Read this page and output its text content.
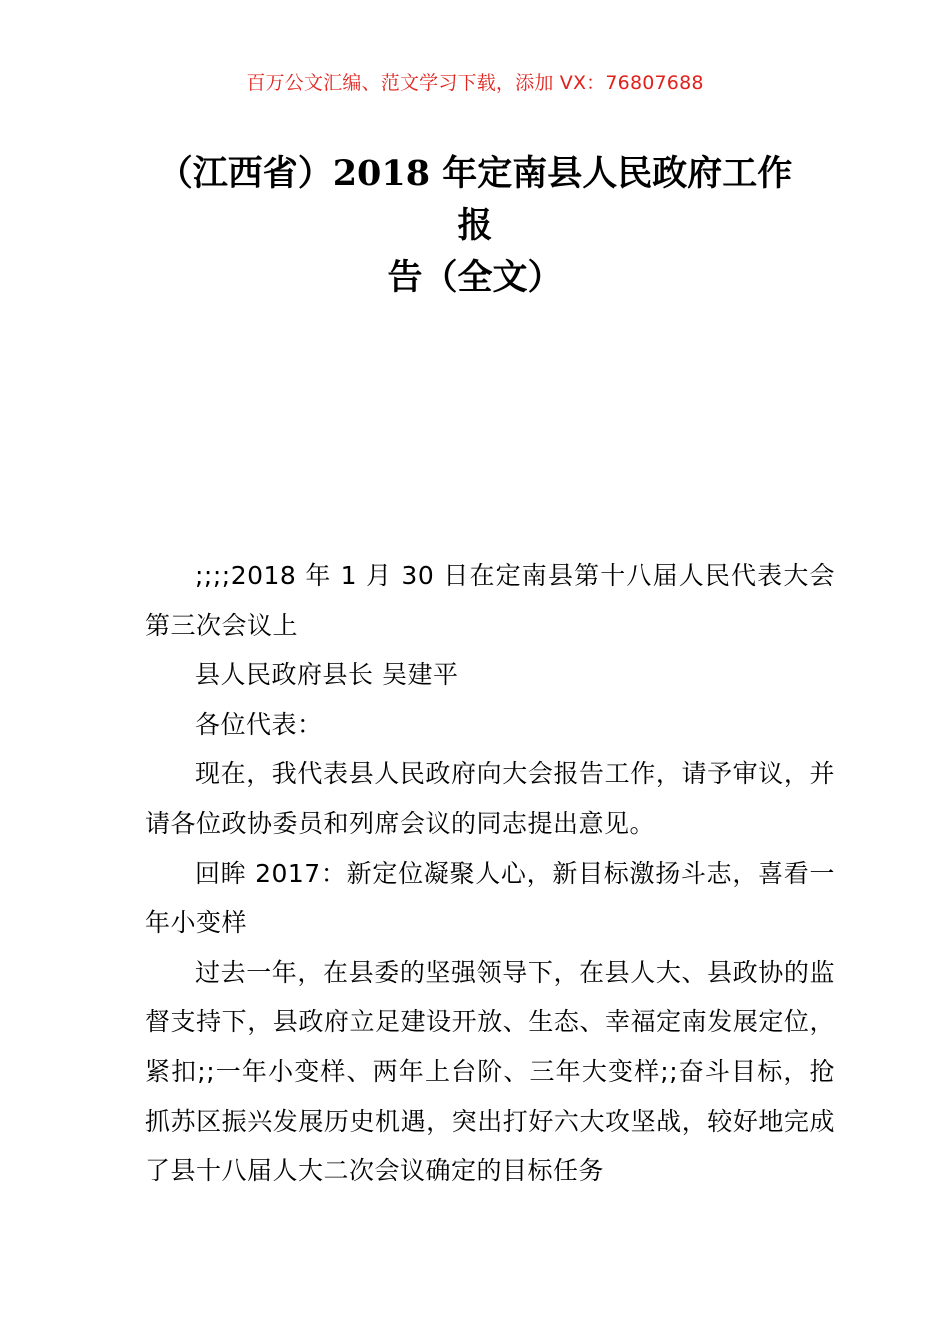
百万公文汇编、范文学习下载，添加 VX：76807688
（江西省）2018 年定南县人民政府工作报
告（全文）

;;;;2018 年 1 月 30 日在定南县第十八届人民代表大会第三次会议上

县人民政府县长 吴建平

各位代表：

现在，我代表县人民政府向大会报告工作，请予审议，并请各位政协委员和列席会议的同志提出意见。

回眸 2017：新定位凝聚人心，新目标激扬斗志，喜看一年小变样

过去一年，在县委的坚强领导下，在县人大、县政协的监督支持下，县政府立足建设开放、生态、幸福定南发展定位，紧扣;;一年小变样、两年上台阶、三年大变样;;奋斗目标，抢抓苏区振兴发展历史机遇，突出打好六大攻坚战，较好地完成了县十八届人大二次会议确定的目标任务
